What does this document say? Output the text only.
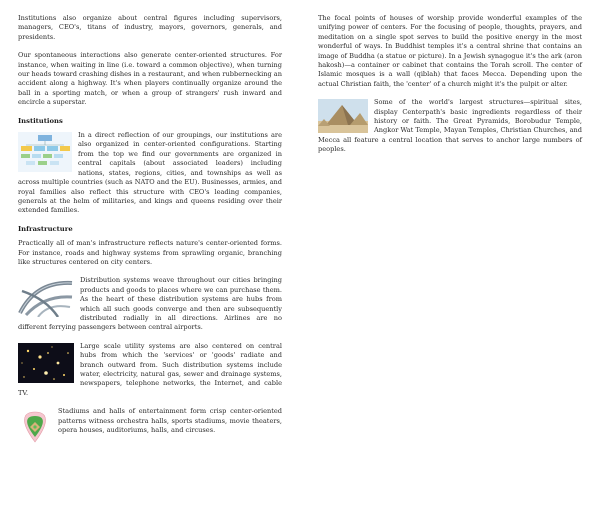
Institutions also organize about central figures including supervisors, managers, CEO's, titans of industry, mayors, governors, generals, and presidents.

Our spontaneous interactions also generate center-oriented structures. For instance, when waiting in line (i.e. toward a common objective), when turning our heads toward crashing dishes in a restaurant, and when rubbernecking an accident along a highway. It's when players continually organize around the ball in a sporting match, or when a group of strangers' rush inward and encircle a superstar.

Institutions

In a direct reflection of our groupings, our institutions are also organized in center-oriented configurations. Starting from the top we find our governments are organized in central capitals (about associated leaders) including nations, states, regions, cities, and townships as well as across multiple countries (such as NATO and the EU). Businesses, armies, and royal families also reflect this structure with CEO's leading companies, generals at the helm of militaries, and kings and queens residing over their extended families.

Infrastructure

Practically all of man's infrastructure reflects nature's center-oriented forms. For instance, roads and highway systems from sprawling organic, branching like structures centered on city centers.

Distribution systems weave throughout our cities bringing products and goods to places where we can purchase them. As the heart of these distribution systems are hubs from which all such goods converge and then are subsequently distributed radially in all directions. Airlines are no different ferrying passengers between central airports.

Large scale utility systems are also centered on central hubs from which the 'services' or 'goods' radiate and branch outward from. Such distribution systems include water, electricity, natural gas, sewer and drainage systems, newspapers, telephone networks, the Internet, and cable TV.

Stadiums and halls of entertainment form crisp center-oriented patterns witness orchestra halls, sports stadiums, movie theaters, opera houses, auditoriums, halls, and circuses.

The focal points of houses of worship provide wonderful examples of the unifying power of centers. For the focusing of people, thoughts, prayers, and meditation on a single spot serves to build the positive energy in the most wonderful of ways. In Buddhist temples it's a central shrine that contains an image of Buddha (a statue or picture). In a Jewish synagogue it's the ark (aron hakosh)—a container or cabinet that contains the Torah scroll. The center of Islamic mosques is a wall (qiblah) that faces Mecca. Depending upon the actual Christian faith, the 'center' of a church might it's the pulpit or alter.

Some of the world's largest structures—spiritual sites, display Centerpath's basic ingredients regardless of their history or faith. The Great Pyramids, Borobudur Temple, Angkor Wat Temple, Mayan Temples, Christian Churches, and Mecca all feature a central location that serves to anchor large numbers of peoples.
